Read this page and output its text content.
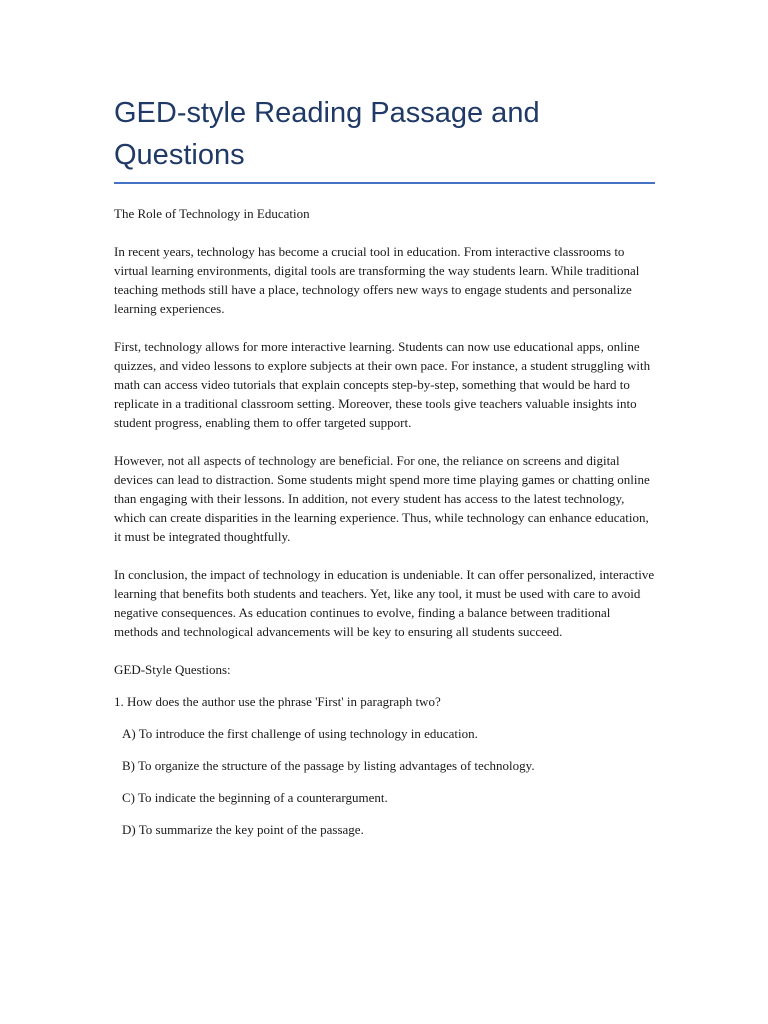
GED-style Reading Passage and Questions

The Role of Technology in Education

In recent years, technology has become a crucial tool in education. From interactive classrooms to virtual learning environments, digital tools are transforming the way students learn. While traditional teaching methods still have a place, technology offers new ways to engage students and personalize learning experiences.

First, technology allows for more interactive learning. Students can now use educational apps, online quizzes, and video lessons to explore subjects at their own pace. For instance, a student struggling with math can access video tutorials that explain concepts step-by-step, something that would be hard to replicate in a traditional classroom setting. Moreover, these tools give teachers valuable insights into student progress, enabling them to offer targeted support.

However, not all aspects of technology are beneficial. For one, the reliance on screens and digital devices can lead to distraction. Some students might spend more time playing games or chatting online than engaging with their lessons. In addition, not every student has access to the latest technology, which can create disparities in the learning experience. Thus, while technology can enhance education, it must be integrated thoughtfully.

In conclusion, the impact of technology in education is undeniable. It can offer personalized, interactive learning that benefits both students and teachers. Yet, like any tool, it must be used with care to avoid negative consequences. As education continues to evolve, finding a balance between traditional methods and technological advancements will be key to ensuring all students succeed.

GED-Style Questions:

1. How does the author use the phrase 'First' in paragraph two?

A) To introduce the first challenge of using technology in education.

B) To organize the structure of the passage by listing advantages of technology.

C) To indicate the beginning of a counterargument.

D) To summarize the key point of the passage.
